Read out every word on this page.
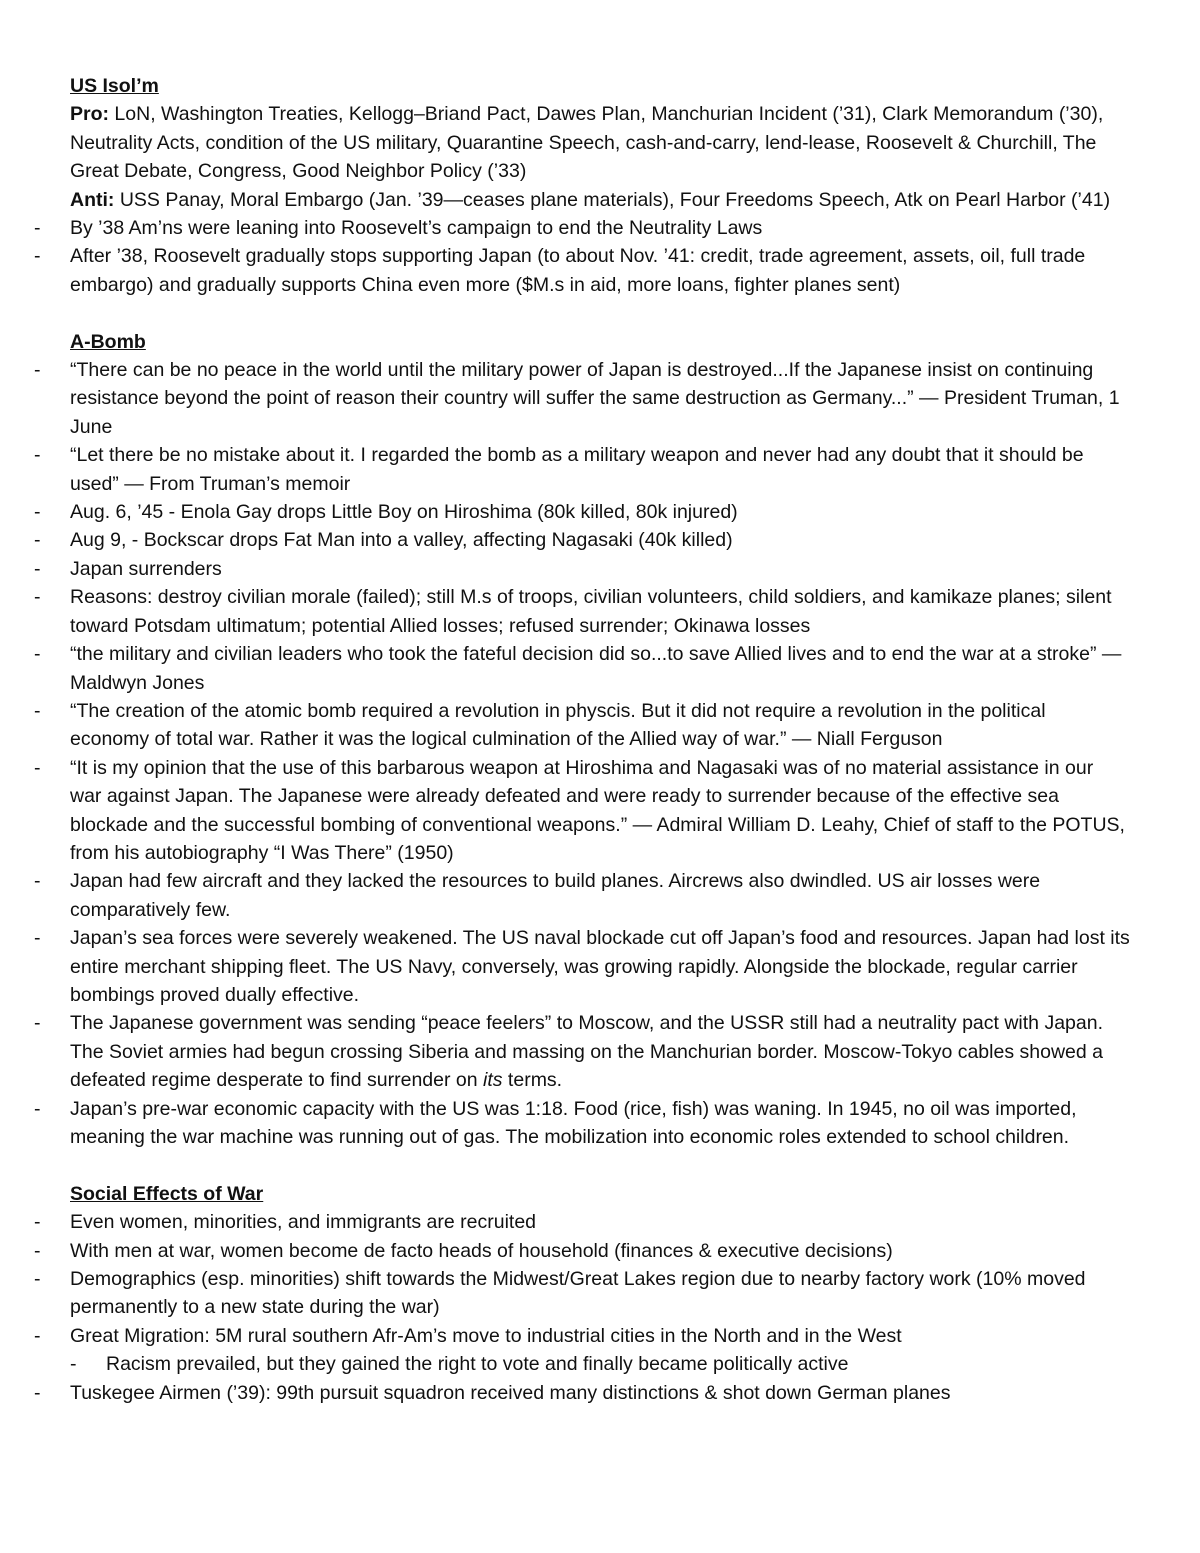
US Isol’m

Pro: LoN, Washington Treaties, Kellogg–Briand Pact, Dawes Plan, Manchurian Incident (’31), Clark Memorandum (’30), Neutrality Acts, condition of the US military, Quarantine Speech, cash-and-carry, lend-lease, Roosevelt & Churchill, The Great Debate, Congress, Good Neighbor Policy (’33)

Anti: USS Panay, Moral Embargo (Jan. ’39—ceases plane materials), Four Freedoms Speech, Atk on Pearl Harbor (’41)

- By ’38 Am’ns were leaning into Roosevelt’s campaign to end the Neutrality Laws
- After ’38, Roosevelt gradually stops supporting Japan (to about Nov. ’41: credit, trade agreement, assets, oil, full trade embargo) and gradually supports China even more ($M.s in aid, more loans, fighter planes sent)

A-Bomb

- “There can be no peace in the world until the military power of Japan is destroyed...If the Japanese insist on continuing resistance beyond the point of reason their country will suffer the same destruction as Germany...” — President Truman, 1 June
- “Let there be no mistake about it. I regarded the bomb as a military weapon and never had any doubt that it should be used” — From Truman’s memoir
- Aug. 6, ’45 - Enola Gay drops Little Boy on Hiroshima (80k killed, 80k injured)
- Aug 9, - Bockscar drops Fat Man into a valley, affecting Nagasaki (40k killed)
- Japan surrenders
- Reasons: destroy civilian morale (failed); still M.s of troops, civilian volunteers, child soldiers, and kamikaze planes; silent toward Potsdam ultimatum; potential Allied losses; refused surrender; Okinawa losses
- “the military and civilian leaders who took the fateful decision did so...to save Allied lives and to end the war at a stroke” — Maldwyn Jones
- “The creation of the atomic bomb required a revolution in physcis. But it did not require a revolution in the political economy of total war. Rather it was the logical culmination of the Allied way of war.” — Niall Ferguson
- “It is my opinion that the use of this barbarous weapon at Hiroshima and Nagasaki was of no material assistance in our war against Japan. The Japanese were already defeated and were ready to surrender because of the effective sea blockade and the successful bombing of conventional weapons.” — Admiral William D. Leahy, Chief of staff to the POTUS, from his autobiography “I Was There” (1950)
- Japan had few aircraft and they lacked the resources to build planes. Aircrews also dwindled. US air losses were comparatively few.
- Japan’s sea forces were severely weakened. The US naval blockade cut off Japan’s food and resources. Japan had lost its entire merchant shipping fleet. The US Navy, conversely, was growing rapidly. Alongside the blockade, regular carrier bombings proved dually effective.
- The Japanese government was sending “peace feelers” to Moscow, and the USSR still had a neutrality pact with Japan. The Soviet armies had begun crossing Siberia and massing on the Manchurian border. Moscow-Tokyo cables showed a defeated regime desperate to find surrender on its terms.
- Japan’s pre-war economic capacity with the US was 1:18. Food (rice, fish) was waning. In 1945, no oil was imported, meaning the war machine was running out of gas. The mobilization into economic roles extended to school children.

Social Effects of War

- Even women, minorities, and immigrants are recruited
- With men at war, women become de facto heads of household (finances & executive decisions)
- Demographics (esp. minorities) shift towards the Midwest/Great Lakes region due to nearby factory work (10% moved permanently to a new state during the war)
- Great Migration: 5M rural southern Afr-Am’s move to industrial cities in the North and in the West
- Racism prevailed, but they gained the right to vote and finally became politically active
- Tuskegee Airmen (’39): 99th pursuit squadron received many distinctions & shot down German planes
